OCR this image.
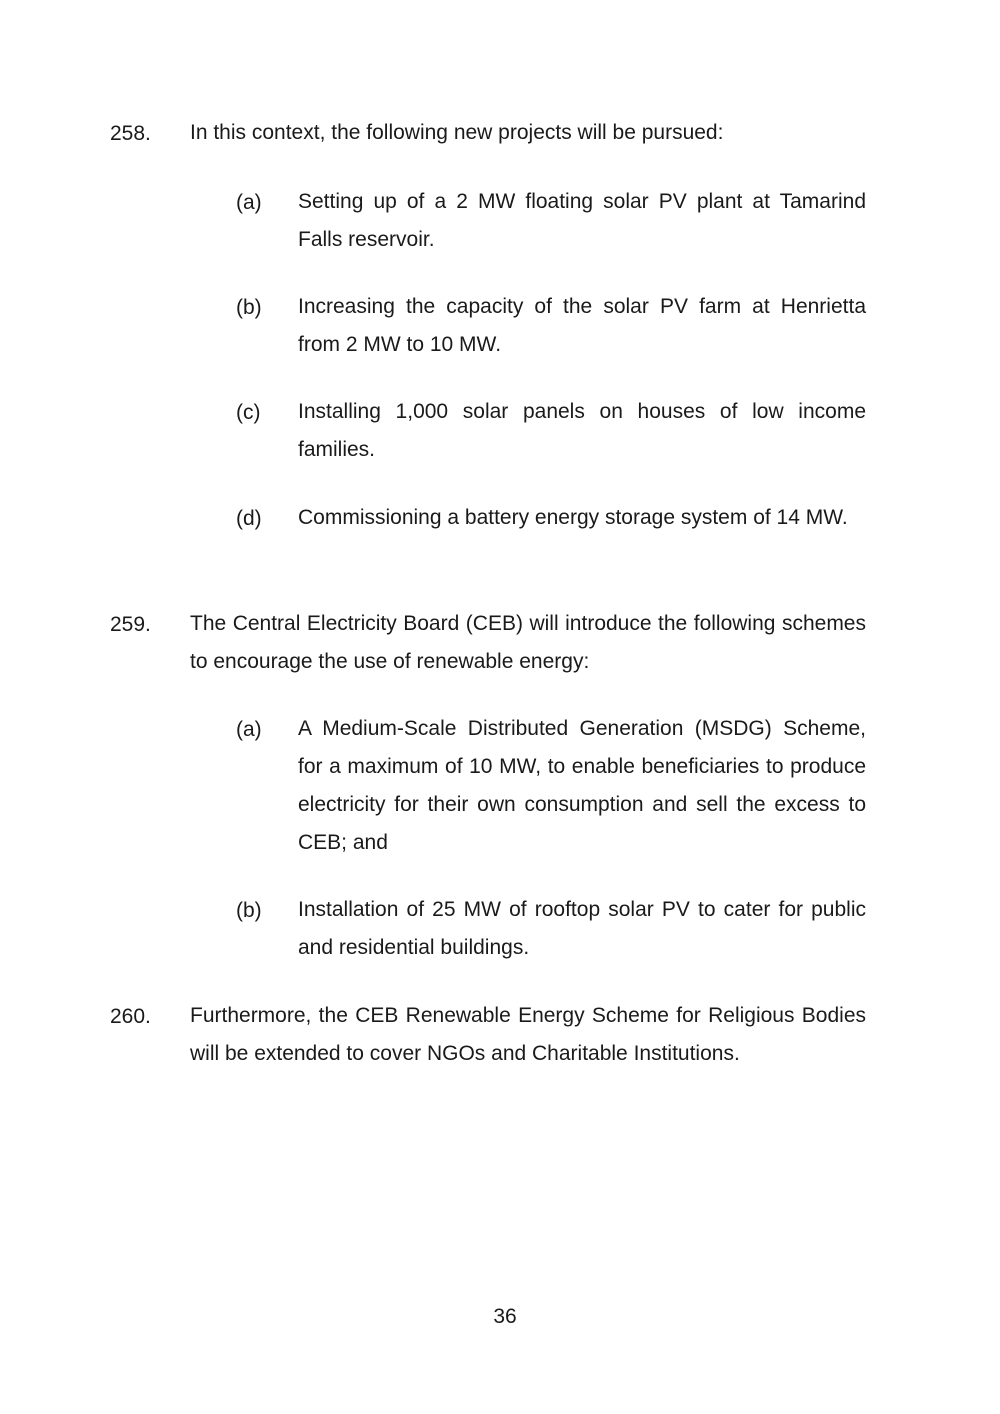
258. In this context, the following new projects will be pursued:
(a) Setting up of a 2 MW floating solar PV plant at Tamarind Falls reservoir.
(b) Increasing the capacity of the solar PV farm at Henrietta from 2 MW to 10 MW.
(c) Installing 1,000 solar panels on houses of low income families.
(d) Commissioning a battery energy storage system of 14 MW.
259. The Central Electricity Board (CEB) will introduce the following schemes to encourage the use of renewable energy:
(a) A Medium-Scale Distributed Generation (MSDG) Scheme, for a maximum of 10 MW, to enable beneficiaries to produce electricity for their own consumption and sell the excess to CEB; and
(b) Installation of 25 MW of rooftop solar PV to cater for public and residential buildings.
260. Furthermore, the CEB Renewable Energy Scheme for Religious Bodies will be extended to cover NGOs and Charitable Institutions.
36
